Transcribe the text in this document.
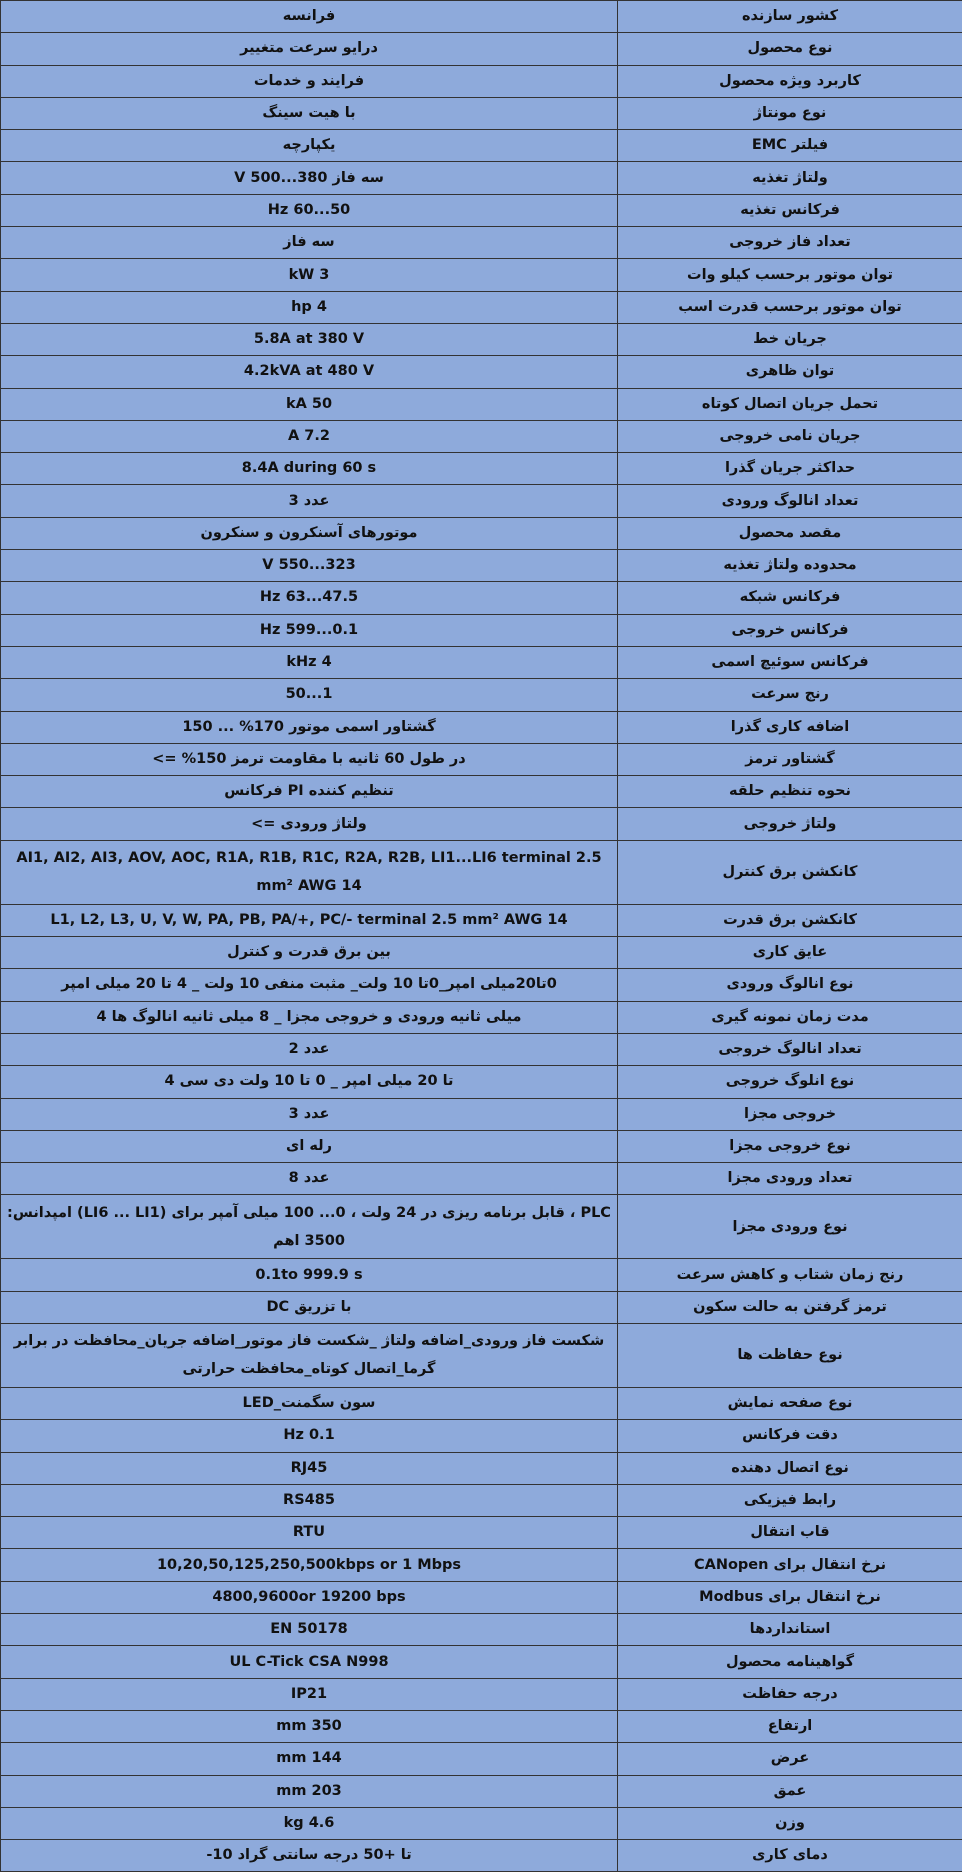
فرانسه	کشور سازنده
درایو سرعت متغییر	نوع محصول
فرایند و خدمات	کاربرد ویژه محصول
با هیت سینگ	نوع مونتاژ
یکپارچه	فیلتر EMC
سه فاز 380...500 V	ولتاژ تغذیه
50...60 Hz	فرکانس تغذیه
سه فاز	تعداد فاز خروجی
3 kW	توان موتور برحسب کیلو وات
4 hp	توان موتور برحسب قدرت اسب
5.8A at 380 V	جریان خط
4.2kVA at 480 V	توان ظاهری
50 kA	تحمل جریان اتصال کوتاه
7.2 A	جریان نامی خروجی
8.4A during 60 s	حداکثر جریان گذرا
عدد 3	تعداد انالوگ ورودی
موتورهای آسنکرون و سنکرون	مقصد محصول
323...550 V	محدوده ولتاژ تغذیه
47.5...63 Hz	فرکانس شبکه
0.1...599 Hz	فرکانس خروجی
4 kHz	فرکانس سوئیچ اسمی
1...50	رنج سرعت
گشتاور اسمی موتور 170% ... 150	اضافه کاری گذرا
در طول 60 ثانیه با مقاومت ترمز 150% =>	گشتاور ترمز
تنظیم کننده PI فرکانس	نحوه تنظیم حلقه
ولتاژ ورودی =>	ولتاژ خروجی
AI1, AI2, AI3, AOV, AOC, R1A, R1B, R1C, R2A, R2B, LI1...LI6 terminal 2.5 mm² AWG 14	کانکشن برق کنترل
L1, L2, L3, U, V, W, PA, PB, PA/+, PC/- terminal 2.5 mm² AWG 14	کانکشن برق قدرت
بین برق قدرت و کنترل	عایق کاری
0تا20میلی امپر_0تا 10 ولت_ مثبت منفی 10 ولت _ 4 تا 20 میلی امپر	نوع انالوگ ورودی
میلی ثانیه ورودی و خروجی مجزا _ 8 میلی ثانیه انالوگ ها 4	مدت زمان نمونه گیری
عدد 2	تعداد انالوگ خروجی
تا 20 میلی امپر _ 0 تا 10 ولت دی سی 4	نوع انلوگ خروجی
عدد 3	خروجی مجزا
رله ای	نوع خروجی مجزا
عدد 8	تعداد ورودی مجزا
PLC ، قابل برنامه ریزی در 24 ولت ، 0... 100 میلی آمپر برای (LI6 ... LI1) امپدانس: 3500 اهم	نوع ورودی مجزا
0.1to 999.9 s	رنج زمان شتاب و کاهش سرعت
با تزریق DC	ترمز گرفتن به حالت سکون
شکست فاز ورودی_اضافه ولتاژ _شکست فاز موتور_اضافه جریان_محافظت در برابر گرما_اتصال کوتاه_محافظت حرارتی	نوع حفاظت ها
سون سگمنت_LED	نوع صفحه نمایش
0.1 Hz	دقت فرکانس
RJ45	نوع اتصال دهنده
RS485	رابط فیزیکی
RTU	قاب انتقال
10,20,50,125,250,500kbps or 1 Mbps	نرخ انتقال برای CANopen
4800,9600or 19200 bps	نرخ انتقال برای Modbus
EN 50178	استانداردها
UL C-Tick CSA N998	گواهینامه محصول
IP21	درجه حفاظت
350 mm	ارتفاع
144 mm	عرض
203 mm	عمق
4.6 kg	وزن
تا +50 درجه سانتی گراد 10-	دمای کاری
